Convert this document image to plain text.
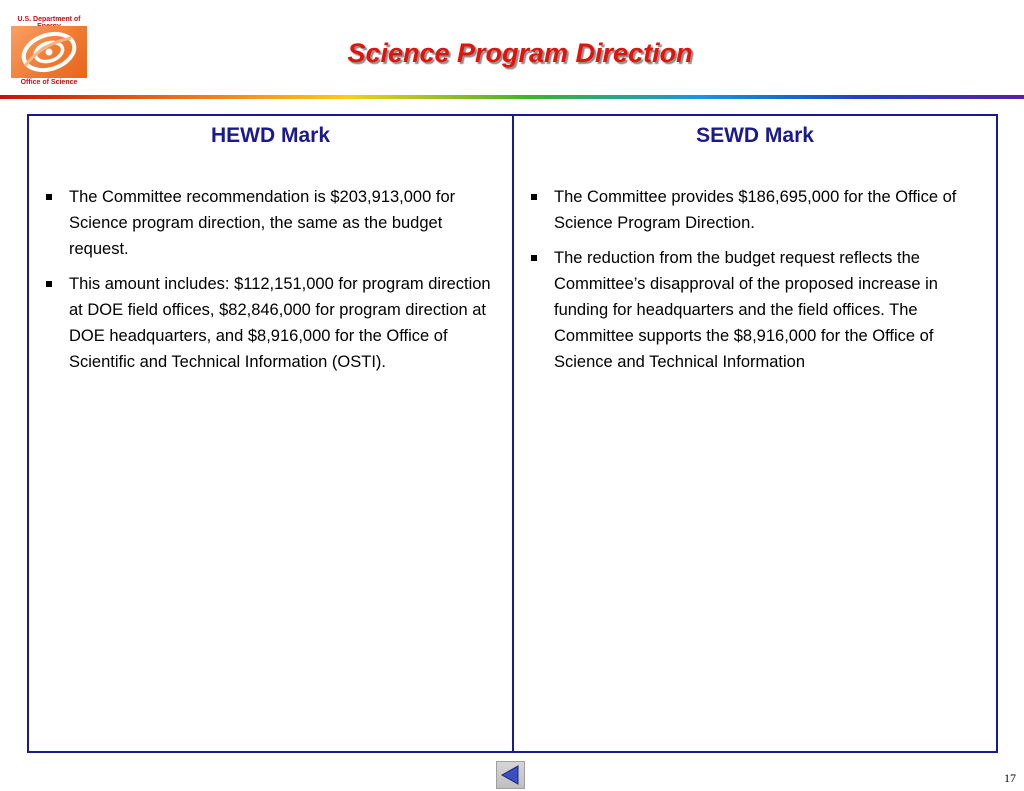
U.S. Department of
Office of Science
Science Program Direction
HEWD Mark
The Committee recommendation is $203,913,000 for Science program direction, the same as the budget request.
This amount includes: $112,151,000 for program direction at DOE field offices, $82,846,000 for program direction at DOE headquarters, and $8,916,000 for the Office of Scientific and Technical Information (OSTI).
SEWD Mark
The Committee provides $186,695,000 for the Office of Science Program Direction.
The reduction from the budget request reflects the Committee’s disapproval of the proposed increase in funding for headquarters and the field offices. The Committee supports the $8,916,000 for the Office of Science and Technical Information
17
